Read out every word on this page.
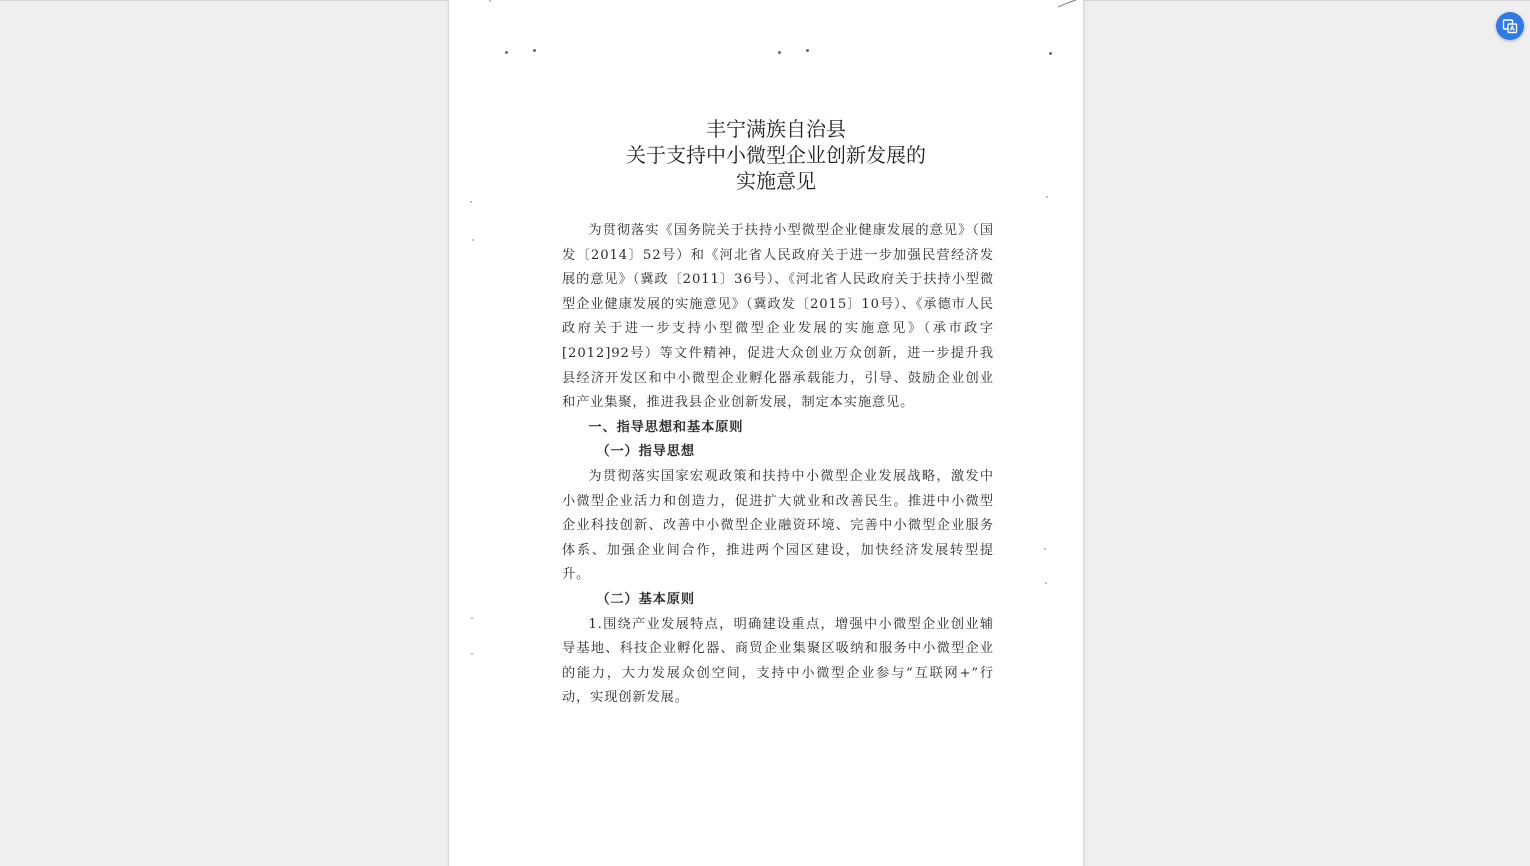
丰宁满族自治县
关于支持中小微型企业创新发展的
实施意见

为贯彻落实《国务院关于扶持小型微型企业健康发展的意见》（国发〔2014〕52号）和《河北省人民政府关于进一步加强民营经济发展的意见》（冀政〔2011〕36号）、《河北省人民政府关于扶持小型微型企业健康发展的实施意见》（冀政发〔2015〕10号）、《承德市人民政府关于进一步支持小型微型企业发展的实施意见》（承市政字[2012]92号）等文件精神，促进大众创业万众创新，进一步提升我县经济开发区和中小微型企业孵化器承载能力，引导、鼓励企业创业和产业集聚，推进我县企业创新发展，制定本实施意见。

一、指导思想和基本原则

（一）指导思想

为贯彻落实国家宏观政策和扶持中小微型企业发展战略，激发中小微型企业活力和创造力，促进扩大就业和改善民生。推进中小微型企业科技创新、改善中小微型企业融资环境、完善中小微型企业服务体系、加强企业间合作，推进两个园区建设，加快经济发展转型提升。

（二）基本原则

1.围绕产业发展特点，明确建设重点，增强中小微型企业创业辅导基地、科技企业孵化器、商贸企业集聚区吸纳和服务中小微型企业的能力，大力发展众创空间，支持中小微型企业参与“互联网+”行动，实现创新发展。
